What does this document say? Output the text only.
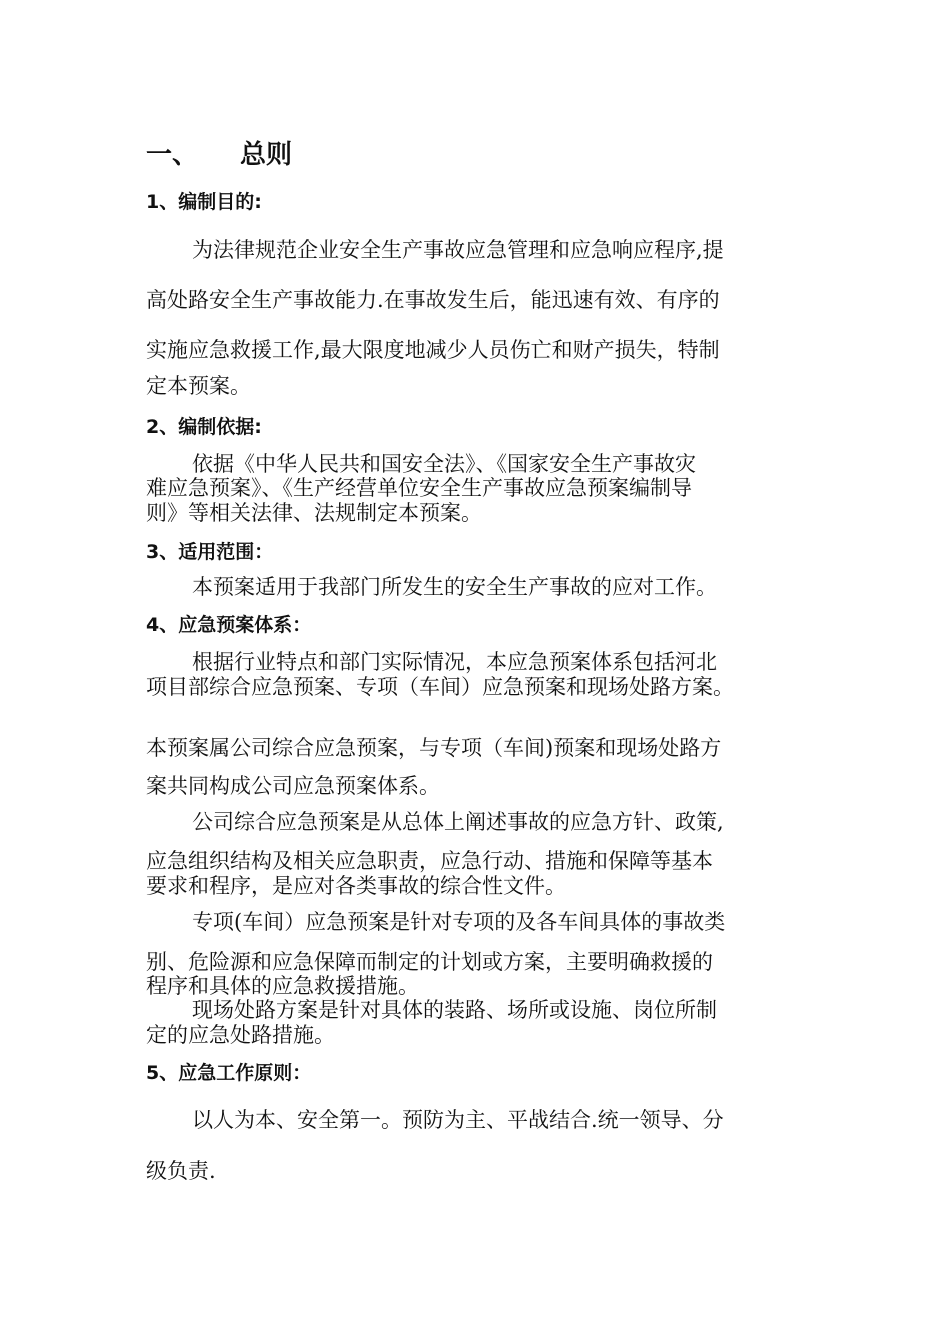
一、 总则
1、编制目的:
为法律规范企业安全生产事故应急管理和应急响应程序,提
高处路安全生产事故能力.在事故发生后，能迅速有效、有序的
实施应急救援工作,最大限度地减少人员伤亡和财产损失，特制
定本预案。
2、编制依据:
依据《中华人民共和国安全法》、《国家安全生产事故灾
难应急预案》、《生产经营单位安全生产事故应急预案编制导
则》等相关法律、法规制定本预案。
3、适用范围：
本预案适用于我部门所发生的安全生产事故的应对工作。
4、应急预案体系：
根据行业特点和部门实际情况，本应急预案体系包括河北
项目部综合应急预案、专项（车间）应急预案和现场处路方案。
本预案属公司综合应急预案，与专项（车间)预案和现场处路方
案共同构成公司应急预案体系。
公司综合应急预案是从总体上阐述事故的应急方针、政策,
应急组织结构及相关应急职责，应急行动、措施和保障等基本
要求和程序，是应对各类事故的综合性文件。
专项(车间）应急预案是针对专项的及各车间具体的事故类
别、危险源和应急保障而制定的计划或方案，主要明确救援的
程序和具体的应急救援措施。
现场处路方案是针对具体的装路、场所或设施、岗位所制
定的应急处路措施。
5、应急工作原则：
以人为本、安全第一。预防为主、平战结合.统一领导、分
级负责.
